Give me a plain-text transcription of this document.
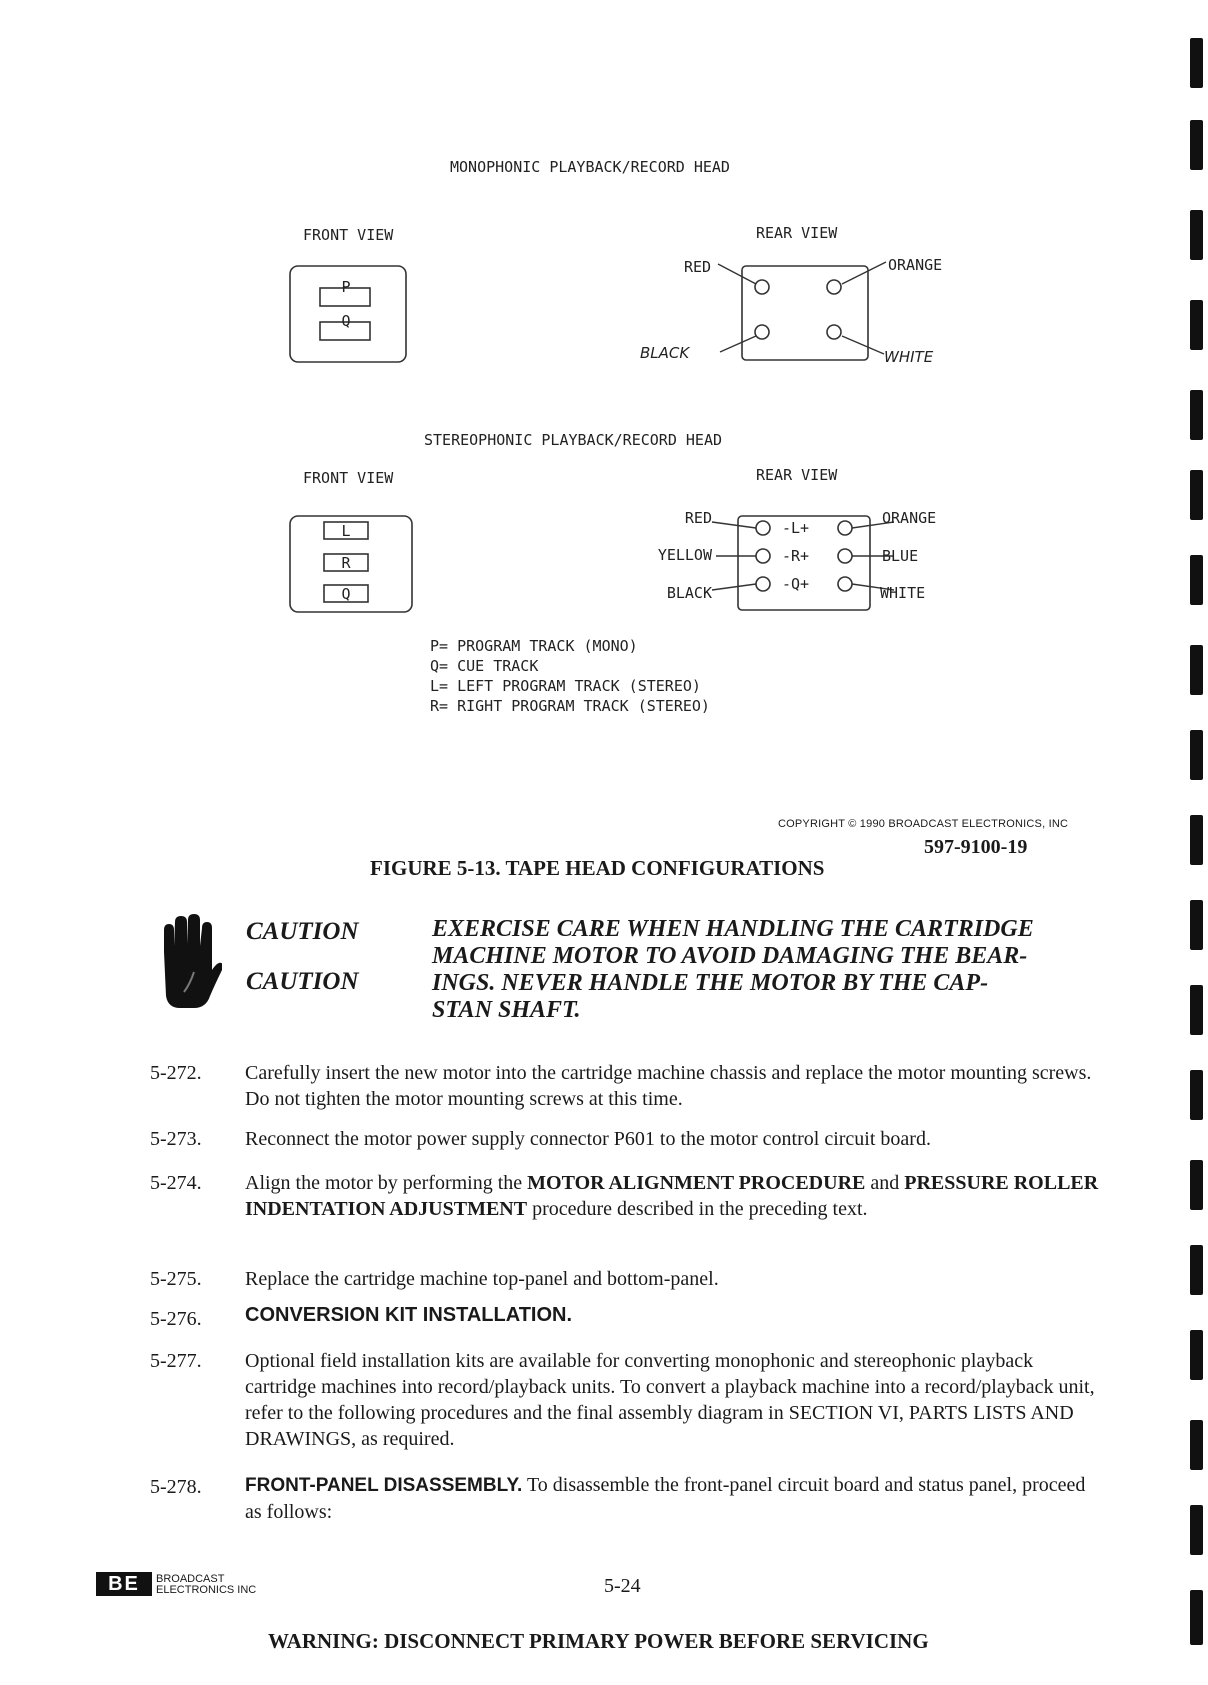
MONOPHONIC PLAYBACK/RECORD HEAD
FRONT VIEW	REAR VIEW
RED	ORANGE
BLACK	WHITE
P
Q
STEREOPHONIC PLAYBACK/RECORD HEAD
FRONT VIEW	REAR VIEW
L
R
Q
RED
YELLOW
BLACK
-L+
-R+
-Q+
ORANGE
BLUE
WHITE
P= PROGRAM TRACK (MONO)
Q= CUE TRACK
L= LEFT PROGRAM TRACK (STEREO)
R= RIGHT PROGRAM TRACK (STEREO)
COPYRIGHT © 1990 BROADCAST ELECTRONICS, INC
597-9100-19
FIGURE 5-13. TAPE HEAD CONFIGURATIONS
CAUTION
CAUTION
EXERCISE CARE WHEN HANDLING THE CARTRIDGE
MACHINE MOTOR TO AVOID DAMAGING THE BEAR-
INGS. NEVER HANDLE THE MOTOR BY THE CAP-
STAN SHAFT.
5-272. Carefully insert the new motor into the cartridge machine chassis and replace the motor mounting screws. Do not tighten the motor mounting screws at this time.
5-273. Reconnect the motor power supply connector P601 to the motor control circuit board.
5-274. Align the motor by performing the MOTOR ALIGNMENT PROCEDURE and PRESSURE ROLLER INDENTATION ADJUSTMENT procedure described in the preceding text.
5-275. Replace the cartridge machine top-panel and bottom-panel.
5-276. CONVERSION KIT INSTALLATION.
5-277. Optional field installation kits are available for converting monophonic and stereophonic playback cartridge machines into record/playback units. To convert a playback machine into a record/playback unit, refer to the following procedures and the final assembly diagram in SECTION VI, PARTS LISTS AND DRAWINGS, as required.
5-278. FRONT-PANEL DISASSEMBLY. To disassemble the front-panel circuit board and status panel, proceed as follows:
BE	BROADCAST
ELECTRONICS INC	5-24
WARNING: DISCONNECT PRIMARY POWER BEFORE SERVICING
